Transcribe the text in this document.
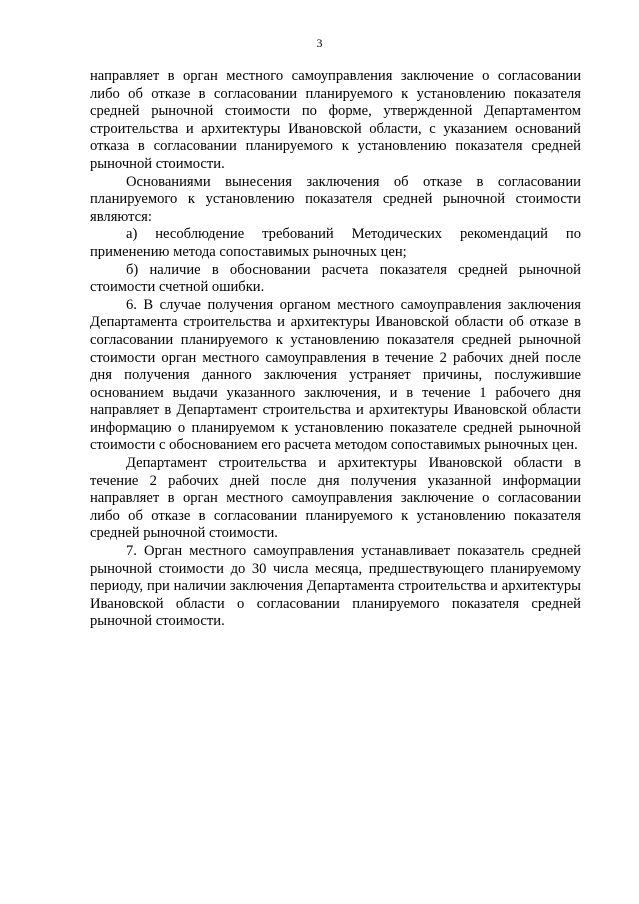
3

направляет в орган местного самоуправления заключение о согласовании либо об отказе в согласовании планируемого к установлению показателя средней рыночной стоимости по форме, утвержденной Департаментом строительства и архитектуры Ивановской области, с указанием оснований отказа в согласовании планируемого к установлению показателя средней рыночной стоимости.

Основаниями вынесения заключения об отказе в согласовании планируемого к установлению показателя средней рыночной стоимости являются:

а) несоблюдение требований Методических рекомендаций по применению метода сопоставимых рыночных цен;

б) наличие в обосновании расчета показателя средней рыночной стоимости счетной ошибки.

6. В случае получения органом местного самоуправления заключения Департамента строительства и архитектуры Ивановской области об отказе в согласовании планируемого к установлению показателя средней рыночной стоимости орган местного самоуправления в течение 2 рабочих дней после дня получения данного заключения устраняет причины, послужившие основанием выдачи указанного заключения, и в течение 1 рабочего дня направляет в Департамент строительства и архитектуры Ивановской области информацию о планируемом к установлению показателе средней рыночной стоимости с обоснованием его расчета методом сопоставимых рыночных цен.

Департамент строительства и архитектуры Ивановской области в течение 2 рабочих дней после дня получения указанной информации направляет в орган местного самоуправления заключение о согласовании либо об отказе в согласовании планируемого к установлению показателя средней рыночной стоимости.

7. Орган местного самоуправления устанавливает показатель средней рыночной стоимости до 30 числа месяца, предшествующего планируемому периоду, при наличии заключения Департамента строительства и архитектуры Ивановской области о согласовании планируемого показателя средней рыночной стоимости.
